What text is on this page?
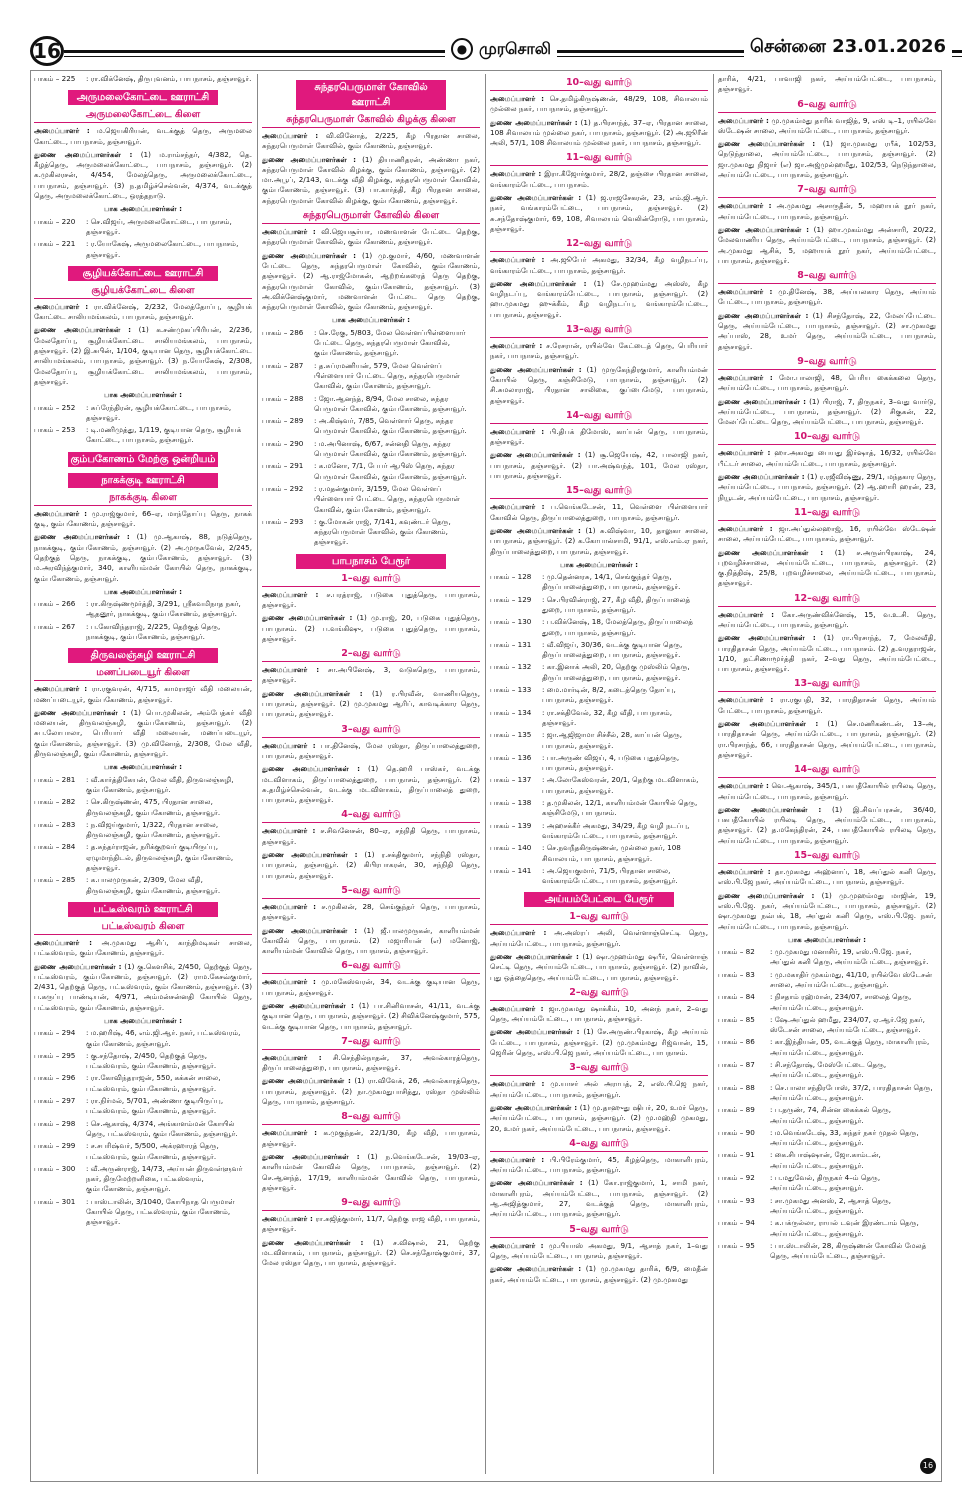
16	● முரசொலி	சென்னை 23.01.2026
பாகம் – 225	: ரா.விக்னேஷ், திருபுவனம், பாபநாசம், தஞ்சாவூர்.
அருமலைகோட்டை ஊராட்சி
அருமலைகோட்டை கிளை
அமைப்பாளர் : ம.ஜெயகிரியன், வடக்குத் தெரு, அருமலை கோட்டை, பாபநாசம், தஞ்சாவூர்.
துணை அமைப்பாளர்கள் : (1) ம.ராம்சந்தர், 4/382, தெ. கீழத்தெரு, அருமலைக்கோட்டை, பாபநாசம், தஞ்சாவூர். (2) க.முகிலரசன், 4/454, மேலத்தெரு, அருமலைக்கோட்டை, பாபநாசம், தஞ்சாவூர். (3) ந.தமிழ்ச்செல்வன், 4/374, வடக்குத் தெரு, அருமலைக்கோட்டை, ஒரத்தநாடு.
பாக அமைப்பாளர்கள் :
பாகம் – 220	: செ.விஜய், அருமலைகோட்டை, பாபநாசம், தஞ்சாவூர்.
பாகம் – 221	: ர.யோகேஷ், அருமலைகோட்டை, பாபநாசம், தஞ்சாவூர்.
சூழியக்கோட்டை ஊராட்சி
சூழியக்கோட்டை கிளை
அமைப்பாளர் : ரா.விக்னேஷ், 2/232, மேலத்தோப்பு, சூழியக் கோட்டை சாலியமங்கலம், பாபநாசம், தஞ்சாவூர்.
துணை அமைப்பாளர்கள் : (1) க.சண்முகப்பிரியன், 2/236, மேலதோப்பு, சூழியக்கோட்டை சாலியமங்கலம், பாபநாசம், தஞ்சாவூர். (2) இ.சுபின், 1/104, குடியான தெரு, சூழியக்கோட்டை சாலியமங்கலம், பாபநாசம், தஞ்சாவூர். (3) ந.யோகேஷ், 2/308, மேலதோப்பு, சூழியக்கோட்டை சாலியமங்கலம், பாபநாசம், தஞ்சாவூர்.
பாக அமைப்பாளர்கள் :
பாகம் – 252	: சுப்ரேந்திரன், சூழியக்கோட்டை, பாபநாசம், தஞ்சாவூர்.
பாகம் – 253	: டி.மணிமுத்து, 1/119, குடியான தெரு, சூழியக் கோட்டை, பாபநாசம், தஞ்சாவூர்.
கும்பகோணம் மேற்கு ஒன்றியம்
நாகக்குடி ஊராட்சி
நாகக்குடி கிளை
அமைப்பாளர் : மு.ராஜ்குமார், 66–ஏ, மாந்தோப்பு தெரு, நாகக் குடி, கும்பகோணம், தஞ்சாவூர்.
துணை அமைப்பாளர்கள் : (1) மு.ஆகாஷ், 88, நடுத்தெரு, நாகக்குடி, கும்பகோணம், தஞ்சாவூர். (2) அ.முருகவேல், 2/245, தெற்குத் தெரு, நாகக்குடி, கும்பகோணம், தஞ்சாவூர். (3) ம.அரவிந்த்குமார், 340, காளியம்மன் கோயில் தெரு, நாகக்குடி, கும்பகோணம், தஞ்சாவூர்.
பாக அமைப்பாளர்கள் :
பாகம் – 266	: ரா.கிருஷ்ணமூர்த்தி, 3/291, ஸ்ரீகவமிநாத நகர், ஆதனூர், நாகக்குடி, கும்பகோணம், தஞ்சாவூர்.
பாகம் – 267	: ப.கோவிந்தராஜ், 2/225, தெற்குத் தெரு, நாகக்குடி, கும்பகோணம், தஞ்சாவூர்.
திருவலஞ்சுழி ஊராட்சி
மணப்படையூர் கிளை
அமைப்பாளர் : ரா.ரகுவரன், 4/715, காமராஜர் வீதி மலையன், மணப்படையூர், கும்பகோணம், தஞ்சாவூர்.
துணை அமைப்பாளர்கள் : (1) பொ.முகிலன், அம்பேத்கர் வீதி மலையன், திருவலஞ்சுழி, கும்பகோணம், தஞ்சாவூர். (2) சுப.லோபாலா, பெரியார் வீதி மலையன், மணப்படையூர், கும்பகோணம், தஞ்சாவூர். (3) மு.வினோத், 2/308, மேல வீதி, திருவலஞ்சுழி, கும்பகோணம், தஞ்சாவூர்.
பாக அமைப்பாளர்கள் :
பாகம் – 281	: வீ.கார்த்திகேயன், மேல வீதி, திருவலஞ்சுழி, கும்பகோணம், தஞ்சாவூர்.
பாகம் – 282	: செ.கிருஷ்ணன், 475, பிரதான சாலை, திருவலஞ்சுழி, கும்பகோணம், தஞ்சாவூர்.
பாகம் – 283	: ந.விஜய்குமார், 1/322, பிரதான சாலை, திருவலஞ்சுழி, கும்பகோணம், தஞ்சாவூர்.
பாகம் – 284	: த.சுந்தர்ராஜன், நரிக்குறவர் குடியிருப்பு, ஏழுமாந்திடல், திருவலஞ்சுழி, கும்பகோணம், தஞ்சாவூர்.
பாகம் – 285	: க.பாலமுருகன், 2/309, மேல வீதி, திருவலஞ்சுழி, கும்பகோணம், தஞ்சாவூர்.
பட்டீஸ்வரம் ஊராட்சி
பட்டீஸ்வரம் கிளை
அமைப்பாளர் : அ.முகமது ஆசிப், காந்திமடிகள் சாலை, பட்டீஸ்வரம், கும்பகோணம், தஞ்சாவூர்.
துணை அமைப்பாளர்கள் : (1) கு.கௌசிக், 2/450, தெற்குத் தெரு, பட்டீஸ்வரம், கும்பகோணம், தஞ்சாவூர். (2) ராம.கேசவ்குமார், 2/431, தெற்குத் தெரு, பட்டீஸ்வரம், கும்பகோணம், தஞ்சாவூர். (3) ப.கருப்பு பாண்டியன், 4/971, அம்மன்சன்னதி கோயில் தெரு, பட்டீஸ்வரம், கும்பகோணம், தஞ்சாவூர்.
பாக அமைப்பாளர்கள் :
பாகம் – 294	: ம.ஹரிஷ், 46, எம்.ஜி.ஆர். நகர், பட்டீஸ்வரம், கும்பகோணம், தஞ்சாவூர்.
பாகம் – 295	: கு.சந்தோஷ், 2/450, தெற்குத் தெரு, பட்டீஸ்வரம், கும்பகோணம், தஞ்சாவூர்.
பாகம் – 296	: ரா.கோவிந்தராஜன், 550, கக்கன் சாலை, பட்டீஸ்வரம், கும்பகோணம், தஞ்சாவூர்.
பாகம் – 297	: ரா.நிர்மல், 5/701, அண்ணா குடியிருப்பு, பட்டீஸ்வரம், கும்பகோணம், தஞ்சாவூர்.
பாகம் – 298	: செ.ஆகாஷ், 4/374, அங்காளம்மன் கோயில் தெரு, பட்டீஸ்வரம், கும்பகோணம், தஞ்சாவூர்.
பாகம் – 299	: ச.சபரிஷ்வர், 5/500, அக்ரஹாரத் தெரு, பட்டீஸ்வரம், கும்பகோணம், தஞ்சாவூர்.
பாகம் – 300	: வீ.அருண்ராஜ், 14/73, அய்யன் திருவள்ளுவர் நகர், திருமேற்றளிகை, பட்டீஸ்வரம், கும்பகோணம், தஞ்சாவூர்.
பாகம் – 301	: பாஸ்டாலின், 3/1040, கோபிநாத பெருமாள் கோயில் தெரு, பட்டீஸ்வரம், கும்பகோணம், தஞ்சாவூர்.
சுந்தரபெருமாள் கோவில் ஊராட்சி
சுந்தரபெருமாள் கோவில் கிழக்கு கிளை
அமைப்பாளர் : வி.வினோத், 2/225, கீழ பிரதான சாலை, சுந்தரபெருமாள் கோவில், கும்பகோணம், தஞ்சாவூர்.
துணை அமைப்பாளர்கள் : (1) தியாணிதரன், அண்ணா நகர், சுந்தரபெருமாள் கோவில் கிழக்கு, கும்பகோணம், தஞ்சாவூர். (2) மா.அபூப், 2/143, வடக்கு வீதி கிழக்கு, சுந்தரபெருமாள் கோவில், கும்பகோணம், தஞ்சாவூர். (3) பா.கார்த்தி, கீழ பிரதான சாலை, சுந்தரபெருமாள் கோவில் கிழக்கு, கும்பகோணம், தஞ்சாவூர்.
சுந்தரபெருமாள் கோவில் கிளை
அமைப்பாளர் : வி.ஜெயசூர்யா, மணவாளன் பேட்டை தெற்கு, சுந்தரபெருமாள் கோவில், கும்பகோணம், தஞ்சாவூர்.
துணை அமைப்பாளர்கள் : (1) மு.குமார், 4/60, மணவாளன் பேட்டை தெரு, சுந்தரபெருமாள் கோவில், கும்பகோணம், தஞ்சாவூர். (2) ஆ.ராஜ்மோகன், ஆற்றங்கரைத் தெரு தெற்கு, சுந்தரபெருமாள் கோவில், கும்பகோணம், தஞ்சாவூர். (3) அ.விக்னேஷ்குமார், மணவாளன் பேட்டை தெரு தெற்கு, சுந்தரபெருமாள் கோவில், கும்பகோணம், தஞ்சாவூர்.
பாக அமைப்பாளர்கள் :
பாகம் – 286	: செ.ரேகு, 5/803, மேல வெள்ளப்பிள்ளையார் பேட்டை தெரு, சுந்தரபெருமாள் கோவில், கும்பகோணம், தஞ்சாவூர்.
பாகம் – 287	: த.சுப்ரமணியன், 579, மேல வெள்ளப் பிள்ளையார் பேட்டை தெரு, சுந்தரபெருமாள் கோவில், கும்பகோணம், தஞ்சாவூர்.
பாகம் – 288	: ஜோ.ஆனந்த், 8/94, மேல சாலை, சுந்தர பெருமாள் கோவில், கும்பகோணம், தஞ்சாவூர்.
பாகம் – 289	: அ.கிஷ்வர், 7/85, வெள்ளார் தெரு, சுந்தர பெருமாள் கோவில், கும்பகோணம், தஞ்சாவூர்.
பாகம் – 290	: ம.அபினாஷ், 6/67, சன்னதி தெரு, சுந்தர பெருமாள் கோவில், கும்பகோணம், தஞ்சாவூர்.
பாகம் – 291	: க.மனோ, 7/1, பேபர் ஆபிஸ் தெரு, சுந்தர பெருமாள் கோவில், கும்பகோணம், தஞ்சாவூர்.
பாகம் – 292	: ர.மதன்குமார், 3/159, மேல வெள்ளப் பிள்ளையார் பேட்டை தெரு, சுந்தரபெருமாள் கோவில், கும்பகோணம், தஞ்சாவூர்.
பாகம் – 293	: கு.மோகன் ராஜ், 7/141, கவுண்டர் தெரு, சுந்தரபெருமாள் கோவில், கும்பகோணம், தஞ்சாவூர்.
பாபநாசம் பேரூர்
1–வது வார்டு
அமைப்பாளர் : ச.பரத்ராஜ், படுகை புதுத்தெரு, பாபநாசம், தஞ்சாவூர்.
துணை அமைப்பாளர்கள் : (1) மு.ராஜ், 20, படுகை புதுத்தெரு, பாபநாசம். (2) ப.வங்கிஷு, படுகை புதுத்தெரு, பாபநாசம், தஞ்சாவூர்.
2–வது வார்டு
அமைப்பாளர் : சா.அபினேஷ், 3, வடுகதெரு, பாபநாசம், தஞ்சாவூர்.
துணை அமைப்பாளர்கள் : (1) ர.பிரவீன், வாணியதெரு, பாபநாசம், தஞ்சாவூர். (2) மு.முகமது ஆரிப், காவடிக்கார தெரு, பாபநாசம், தஞ்சாவூர்.
3–வது வார்டு
அமைப்பாளர் : பா.தினேஷ், மேல ரஸ்தா, திருப்பாலைத்துறை, பாபநாசம், தஞ்சாவூர்.
துணை அமைப்பாளர்கள் : (1) தெ.ஹரி பாஸ்கர், வடக்கு மடவிளாகம், திருப்பாலைத்துறை, பாபநாசம், தஞ்சாவூர். (2) சு.தமிழ்ச்செல்வன், வடக்கு மடவிளாகம், திருப்பாலைத் துறை, பாபநாசம், தஞ்சாவூர்.
4–வது வார்டு
அமைப்பாளர் : ச.சிவனேசன், 80–ஏ, சந்நிதி தெரு, பாபநாசம், தஞ்சாவூர்.
துணை அமைப்பாளர்கள் : (1) ர.சக்திகுமார், சந்நிதி ரஸ்தா, பாபநாசம், தஞ்சாவூர். (2) கிபிரபாகரன், 30, சந்நிதி தெரு, பாபநாசம், தஞ்சாவூர்.
5–வது வார்டு
அமைப்பாளர் : ச.முகிலன், 28, செங்குந்தர் தெரு, பாபநாசம், தஞ்சாவூர்.
துணை அமைப்பாளர்கள் : (1) ஜீ.பாலமுருகன், காளியம்மன் கோவில் தெரு, பாபநாசம். (2) மஜாரியன் (எ) மனோஜ், காளியம்மன் கோவில் தெரு, பாபநாசம், தஞ்சாவூர்.
6–வது வார்டு
அமைப்பாளர் : மு.மகேஸ்வரன், 34, வடக்கு குடியான தெரு, பாபநாசம், தஞ்சாவூர்.
துணை அமைப்பாளர்கள் : (1) பா.சினிவாசன், 41/11, வடக்கு குடியான தெரு, பாபநாசம், தஞ்சாவூர். (2) சிவிக்னேஷ்குமார், 575, வடக்கு குடியான தெரு, பாபநாசம், தஞ்சாவூர்.
7–வது வார்டு
அமைப்பாளர் : சி.செந்தில்நாதன், 37, அவல்காரத்தெரு, திருப்பாலைத்துறை, பாபநாசம், தஞ்சாவூர்.
துணை அமைப்பாளர்கள் : (1) ரா.விவேக், 26, அவல்காரத்தெரு, பாபநாசம், தஞ்சாவூர். (2) நா.முகமதுபாசித்து, ரஸ்தா முஸ்லிம் தெரு, பாபநாசம், தஞ்சாவூர்.
8–வது வார்டு
அமைப்பாளர் : க.முகுந்தன், 22/1/30, கீழ வீதி, பாபநாசம், தஞ்சாவூர்.
துணை அமைப்பாளர்கள் : (1) ந.வெங்கடேசன், 19/03–ஏ, காளியம்மன் கோவில் தெரு, பாபநாசம், தஞ்சாவூர். (2) செ.ஆனந்த், 17/19, காளியம்மன் கோவில் தெரு, பாபநாசம், தஞ்சாவூர்.
9–வது வார்டு
அமைப்பாளர் : ரா.சுஜித்குமார், 11/7, தெற்கு ராஜ வீதி, பாபநாசம், தஞ்சாவூர்.
துணை அமைப்பாளர்கள் : (1) ச.விஷால், 21, தெற்கு மடவிளாகம், பாபநாசம், தஞ்சாவூர். (2) செ.சந்தோஷ்குமார், 37, மேல ரஸ்தா தெரு, பாபநாசம், தஞ்சாவூர்.
10–வது வார்டு
அமைப்பாளர் : செ.தமிழ்கிருஷ்ணன், 48/29, 108, சிவாலயம் முல்லை நகர், பாபநாசம், தஞ்சாவூர்.
துணை அமைப்பாளர்கள் : (1) த.பிரசாந்த், 37–ஏ, பிரதான சாலை, 108 சிவாலயம் முல்லை நகர், பாபநாசம், தஞ்சாவூர். (2) அ.ஜூரீன் அலி, 57/1, 108 சிவாலயம் முல்லை நகர், பாபநாசம், தஞ்சாவூர்.
11–வது வார்டு
அமைப்பாளர் : இரா.கீஜோர்குமார், 28/2, தஞ்சை பிரதான சாலை, வங்காரம்பேட்டை, பாபநாசம்.
துணை அமைப்பாளர்கள் : (1) ஜ.ராஜசேகரன், 23, எம்.ஜி.ஆர். நகர், வங்காரம்பேட்டை, பாபநாசம், தஞ்சாவூர். (2) சு.சந்தோஷ்குமார், 69, 108, சிவாலயம் வெலின்ரோடு, பாபநாசம், தஞ்சாவூர்.
12–வது வார்டு
அமைப்பாளர் : அ.ஜூபேர் அகமது, 32/34, கீழ வழிநடப்பு, வங்காரம்பேட்டை, பாபநாசம், தஞ்சாவூர்.
துணை அமைப்பாளர்கள் : (1) சே.முஹம்மது அஸ்ஸ், கீழ வழிநடப்பு, வங்காரம்பேட்டை, பாபநாசம், தஞ்சாவூர். (2) ஹா.முகமது ஹுக்கீம், கீழ வழிநடப்பு, வங்காரம்பேட்டை, பாபநாசம், தஞ்சாவூர்.
13–வது வார்டு
அமைப்பாளர் : ச.ரேசரான், ரயில்வே கேட்டைத் தெரு, பெரியார் நகர், பாபநாசம், தஞ்சாவூர்.
துணை அமைப்பாளர்கள் : (1) முருகேந்திரகுமார், காளியம்மன் கோயில் தெரு, கஞ்சிமேடு, பாபநாசம், தஞ்சாவூர். (2) சி.சுமலாராஜ், பிரதான சாலிகை, குப்பைமேடு, பாபநாசம், தஞ்சாவூர்.
14–வது வார்டு
அமைப்பாளர் : பி.திபக் திமோஸ், காப்பன் தெரு, பாபநாசம், தஞ்சாவூர்.
துணை அமைப்பாளர்கள் : (1) சூ.ஜெயேஷ், 42, பாலாஜி நகர், பாபநாசம், தஞ்சாவூர். (2) பா.அஷ்வந்த், 101, மேல ரஸ்தா, பாபநாசம், தஞ்சாவூர்.
15–வது வார்டு
அமைப்பாளர் : ப.வெங்கடேசன், 11, வெள்ளை பிள்ளையார் கோவில் தெரு, திருப்பாலைத்துறை, பாபநாசம், தஞ்சாவூர்.
துணை அமைப்பாளர்கள் : (1) சு.விஷ்வா, 10, தாலுகா சாலை, பாபநாசம், தஞ்சாவூர். (2) க.கோபால்சாமி, 91/1, எஸ்.எம்.ஏ நகர், திருப்பாலைத்துறை, பாபநாசம், தஞ்சாவூர்.
பாக அமைப்பாளர்கள் :
பாகம் – 128	: மு.தென்னரசு, 14/1, செங்குந்தர் தெரு, திருப்பாலைத்துறை, பாபநாசம், தஞ்சாவூர்.
பாகம் – 129	: செ.பிரவின்ராஜ், 27, கீழ வீதி, திருப்பாலைத் துறை, பாபநாசம், தஞ்சாவூர்.
பாகம் – 130	: ப.விக்னேஷ், 18, மேலத்தெரு, திருப்பாலைத் துறை, பாபநாசம், தஞ்சாவூர்.
பாகம் – 131	: வீ.விஜய், 30/36, வடக்கு குடியான தெரு, திருப்பாலைத்துறை, பாபநாசம், தஞ்சாவூர்.
பாகம் – 132	: கா.இனாக் அலி, 20, தெற்கு முஸ்லிம் தெரு, திருப்பாலைத்துறை, பாபநாசம், தஞ்சாவூர்.
பாகம் – 133	: மை.மார்டின், 8/2, கடைத்தெரு தோப்பு, பாபநாசம், தஞ்சாவூர்.
பாகம் – 134	: ரா.சக்திவேல், 32, கீழ வீதி, பாபநாசம், தஞ்சாவூர்.
பாகம் – 135	: ஜா.ஆஜிஜாமா சிச்சீல், 28, காப்பன் தெரு, பாபநாசம், தஞ்சாவூர்.
பாகம் – 136	: பா.அருண் விஜய், 4, படுகை புதுத்தெரு, பாபநாசம், தஞ்சாவூர்.
பாகம் – 137	: அ.லோகேஸ்வரன், 20/1, தெற்கு மடவிளாகம், பாபநாசம், தஞ்சாவூர்.
பாகம் – 138	: த.முகிலன், 12/1, காளியம்மன் கோயில் தெரு, கஞ்சிமேடு, பாபநாசம்.
பாகம் – 139	: அஹசக்கீர் அகமது, 34/29, கீழ வழி நடப்பு, வங்காரம்பேட்டை, பாபநாசம், தஞ்சாவூர்.
பாகம் – 140	: செ.நவநீதகிருஷ்ணன், முல்லை நகர், 108 சிவாலயம், பாபநாசம், தஞ்சாவூர்.
பாகம் – 141	: அ.ஜெயகுமார், 71/5, பிரதான சாலை, வங்காரம்பேட்டை, பாபநாசம், தஞ்சாவூர்.
அய்யம்பேட்டை பேரூர்
1–வது வார்டு
அமைப்பாளர் : அ.அஸ்ரப் அலி, வெள்ளாஞ்செட்டி தெரு, அய்யம்பேட்டை, பாபநாசம், தஞ்சாவூர்.
துணை அமைப்பாளர்கள் : (1) ஷா.முஹம்மது ஷபீர், வெள்ளாஞ் செட்டி தெரு, அய்யம்பேட்டை, பாபநாசம், தஞ்சாவூர். (2) நாவில், புது ஒத்தைதெரு, அய்யம்பேட்டை, பாபநாசம், தஞ்சாவூர்.
2–வது வார்டு
அமைப்பாளர் : ஜா.முகமது ஷாக்கீம், 10, அனந் நகர், 2–வது தெரு, அய்யம்பேட்டை, பாபநாசம், தஞ்சாவூர்.
துணை அமைப்பாளர்கள் : (1) சே.அருண்.பிரகாஷ், கீழ அய்யம் பேட்டை, பாபநாசம், தஞ்சாவூர். (2) மு.முகம்மது ரிஜ்வான், 15, ஜெரின் தெரு, எஸ்.பி.ஜெ நகர், அய்யம்பேட்டை, பாபநாசம்.
3–வது வார்டு
அமைப்பாளர் : மு.யாசர் அல் அராபத், 2, எஸ்.பி.ஜெ நகர், அய்யம்பேட்டை, பாபநாசம், தஞ்சாவூர்.
துணை அமைப்பாளர்கள் : (1) மு.தாஹுது ஷிபர், 20, உமர் தெரு, அய்யம்பேட்டை, பாபநாசம், தஞ்சாவூர். (2) மு.மஹ்தி முகமது, 20, உமர் நகர், அய்யம்பேட்டை, பாபநாசம், தஞ்சாவூர்.
4–வது வார்டு
அமைப்பாளர் : பி.பிரேம்குமார், 45, கீழத்தெரு, மாகாளிபுரம், அய்யம்பேட்டை, பாபநாசம், தஞ்சாவூர்.
துணை அமைப்பாளர்கள் : (1) கோ.ராஜ்குமார், 1, சாமி நகர், மாகாளிபுரம், அய்யம்பேட்டை, பாபநாசம், தஞ்சாவூர். (2) ஆ.அஜித்குமார், 27, வடக்குத் தெரு, மாகாளிபுரம், அய்யம்பேட்டை, பாபநாசம், தஞ்சாவூர்.
5–வது வார்டு
அமைப்பாளர் : மு.பியாஸ் அகமது, 9/1, ஆசாத் நகர், 1–வது தெரு, அய்யம்பேட்டை, பாபநாசம், தஞ்சாவூர்.
துணை அமைப்பாளர்கள் : (1) மு.முகமது தாரிக், 6/9, மைதீன் நகர், அய்யம்பேட்டை, பாபநாசம், தஞ்சாவூர். (2) மு.முகமது
தாரிக், 4/21, பாவாஜி நகர், அய்யம்பேட்டை, பாபநாசம், தஞ்சாவூர்.
6–வது வார்டு
அமைப்பாளர் : மு.முகம்மது தாரிக் வாஜித், 9, எஸ் டி–1, ரயில்வே ஸ்டேஷன் சாலை, அய்யம்பேட்டை, பாபநாசம், தஞ்சாவூர்.
துணை அமைப்பாளர்கள் : (1) ஜா.முகமது ரபீக், 102/53, நெடுந்தாலை, அய்யம்பேட்டை, பாபநாசம், தஞ்சாவூர். (2) ஜா.முகமது நிஜார் (எ) ஜா.அஜ்முல்ஹமீது, 102/53, நெடுந்தாலை, அய்யம்பேட்டை, பாபநாசம், தஞ்சாவூர்.
7–வது வார்டு
அமைப்பாளர் : அ.முகமது அசாருதீன், 5, மஹாயக் நூர் நகர், அய்யம்பேட்டை, பாபநாசம், தஞ்சாவூர்.
துணை அமைப்பாளர்கள் : (1) ஹா.முகம்மது அன்சாரி, 20/22, மேலவாணிய தெரு, அய்யம்பேட்டை, பாபநாசம், தஞ்சாவூர். (2) அ.முகமது ஆசிக், 5, மஹாயக் நூர் நகர், அய்யம்பேட்டை, பாபநாசம், தஞ்சாவூர்.
8–வது வார்டு
அமைப்பாளர் : மு.தினேஷ், 38, அய்யலகார தெரு, அய்யம் பேட்டை, பாபநாசம், தஞ்சாவூர்.
துணை அமைப்பாளர்கள் : (1) சிசந்தோஷ், 22, மேலப்பேட்டை தெரு, அய்யம்பேட்டை, பாபநாசம், தஞ்சாவூர். (2) சா.முகமது அப்பாஸ், 28, உமர் தெரு, அய்யம்பேட்டை, பாபநாசம், தஞ்சாவூர்.
9–வது வார்டு
அமைப்பாளர் : மோ.பாலாஜி, 48, பெரிய கைக்கலை தெரு, அய்யம்பேட்டை, பாபநாசம், தஞ்சாவூர்.
துணை அமைப்பாளர்கள் : (1) பிராஜ், 7, திருநகர், 3–வது வார்டு, அய்யம்பேட்டை, பாபநாசம், தஞ்சாவூர். (2) சிகுகன், 22, மேலப்பேட்டை தெரு, அய்யம்பேட்டை, பாபநாசம், தஞ்சாவூர்.
10–வது வார்டு
அமைப்பாளர் : ஹா.அகமது பையது இர்ஷாத், 16/32, ரயில்வே பீட்டர் சாலை, அய்யம்பேட்டை, பாபநாசம், தஞ்சாவூர்.
துணை அமைப்பாளர்கள் : (1) ர.ரஜீவிஷ்ணு, 29/1, மந்தகார தெரு, அய்யம்பேட்டை, பாபநாசம், தஞ்சாவூர். (2) ஆ.ஹாரி ஹரன், 23, நியூடன், அய்யம்பேட்டை, பாபநாசம், தஞ்சாவூர்.
11–வது வார்டு
அமைப்பாளர் : ஜா.அப்துல்லஹாஜ், 16, ரயில்வே ஸ்டேஷன் சாலை, அய்யம்பேட்டை, பாபநாசம், தஞ்சாவூர்.
துணை அமைப்பாளர்கள் : (1) ச.அருள்பிரகாஷ், 24, புறவழிச்சாலை, அய்யம்பேட்டை, பாபநாசம், தஞ்சாவூர். (2) கு.நித்திஷ், 25/8, புறவழிச்சாலை, அய்யம்பேட்டை, பாபநாசம், தஞ்சாவூர்.
12–வது வார்டு
அமைப்பாளர் : கோ.அருண்விக்னேஷ், 15, வ.உ.சி. தெரு, அய்யம்பேட்டை, பாபநாசம், தஞ்சாவூர்.
துணை அமைப்பாளர்கள் : (1) ரா.பிரசாந்த், 7, மேலவீதி, பாரதிதாசன் தெரு, அய்யம்பேட்டை, பாபநாசம். (2) த.வரதராஜன், 1/10, தட்சிணாமூர்த்தி நகர், 2–வது தெரு, அய்யம்பேட்டை, பாபநாசம், தஞ்சாவூர்.
13–வது வார்டு
அமைப்பாளர் : ரா.ரகுபதி, 32, பாரதிதாசன் தெரு, அய்யம் பேட்டை, பாபநாசம், தஞ்சாவூர்.
துணை அமைப்பாளர்கள் : (1) செ.மணிகண்டன், 13–அ, பாரதிதாசன் தெரு, அய்யம்பேட்டை, பாபநாசம், தஞ்சாவூர். (2) ரா.பிரசாந்த், 66, பாரதிதாசன் தெரு, அய்யம்பேட்டை, பாபநாசம், தஞ்சாவூர்.
14–வது வார்டு
அமைப்பாளர் : வெ.ஆகாஷ், 345/1, பசுபதீகோயில் ரயிலடி தெரு, அய்யம்பேட்டை, பாபநாசம், தஞ்சாவூர்.
துணை அமைப்பாளர்கள் : (1) இ.சிவப்பரசன், 36/40, பசுபதீகோயில் ரயிலடி தெரு, அய்யம்பேட்டை, பாபநாசம், தஞ்சாவூர். (2) த.மகேந்திரன், 24, பசுபதீகோயில் ரயிலடி தெரு, அய்யம்பேட்டை, பாபநாசம், தஞ்சாவூர்.
15–வது வார்டு
அமைப்பாளர் : தா.முகமது அஹ்னாப், 18, அப்துல் கனி தெரு, எஸ்.பி.ஜே நகர், அய்யம்பேட்டை, பாபநாசம், தஞ்சாவூர்.
துணை அமைப்பாளர்கள் : (1) மு.முஹம்மது மாஜின், 19, எஸ்.பி.ஜே. நகர், அய்யம்பேட்டை, பாபநாசம், தஞ்சாவூர். (2) ஷா.முகமது நவ்பக், 18, அப்துல் கனி தெரு, எஸ்.பி.ஜே. நகர், அய்யம்பேட்டை, பாபநாசம், தஞ்சாவூர்.
பாக அமைப்பாளர்கள் :
பாகம் – 82	: மு.முகமது மனாசிர், 19, எஸ்.பி.ஜே. நகர், அப்துல் கனி தெரு, அய்யம்பேட்டை, தஞ்சாவூர்.
பாகம் – 83	: மு.மகாதிர் முகம்மது, 41/10, ரயில்வே ஸ்டேசன் சாலை, அய்யம்பேட்டை, தஞ்சாவூர்.
பாகம் – 84	: நிசதாம் ரஹ்மான், 234/07, சாலைத் தெரு, அய்யம்பேட்டை, தஞ்சாவூர்.
பாகம் – 85	: ஷே.அப்துல் ஹமீது, 234/07, ஏ.ஆர்.ஜே நகர், ஸ்டேசன் சாலை, அய்யம்பேட்டை, தஞ்சாவூர்.
பாகம் – 86	: கா.இந்தியன், 05, வடக்குத் தெரு, மாகாளிபுரம், அய்யம்பேட்டை, தஞ்சாவூர்.
பாகம் – 87	: சி.சந்தோஷ், மேஸ்பேட்டை தெரு, அய்யம்பேட்டை, தஞ்சாவூர்.
பாகம் – 88	: செ.பாலா சந்திரபோஸ், 37/2, பாரதிதாசன் தெரு, அய்யம்பேட்டை, தஞ்சாவூர்.
பாகம் – 89	: ப.தருண், 74, சின்ன கைக்கல் தெரு, அய்யம்பேட்டை, தஞ்சாவூர்.
பாகம் – 90	: ம.வெங்கடேஷ், 33, சுந்தர் நகர் முதல் தெரு, அய்யம்பேட்டை, தஞ்சாவூர்.
பாகம் – 91	: கை.சிபாஷ்ஷான், ஜோ.காம்டன், அய்யம்பேட்டை, தஞ்சாவூர்.
பாகம் – 92	: ப.மதுவேல், திருநகர் 4–ம் தெரு, அய்யம்பேட்டை, தஞ்சாவூர்.
பாகம் – 93	: சா.முகமது அனஸ், 2, ஆசாத் தெரு, அய்யம்பேட்டை, தஞ்சாவூர்.
பாகம் – 94	: க.பக்ருல்லா, ராயல் டவுன் இரண்டாம் தெரு, அய்யம்பேட்டை, தஞ்சாவூர்.
பாகம் – 95	: பா.ஸ்டாலின், 28, கிருஷ்ணன் கோவில் மேலத் தெரு, அய்யம்பேட்டை, தஞ்சாவூர்.
16
